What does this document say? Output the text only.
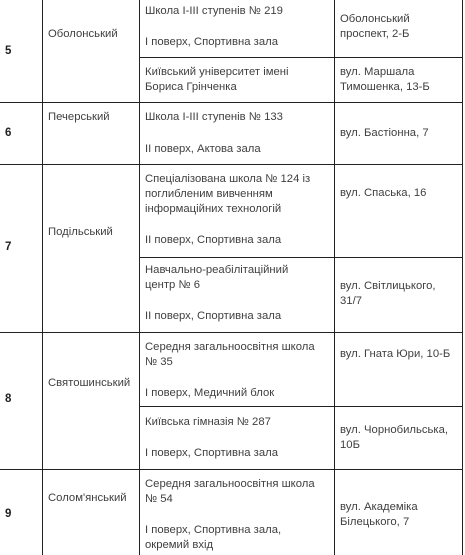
5
Оболонський
Школа І-ІІІ ступенів № 219
І поверх, Спортивна зала
Оболонський
проспект, 2-Б
Київський університет імені
Бориса Грінченка
вул. Маршала
Тимошенка, 13-Б
6
Печерський	Школа І-ІІІ ступенів № 133
ІІ поверх, Актова зала
вул. Бастіонна, 7
7
Подільський
Спеціалізована школа № 124 із
поглибленим вивченням
інформаційних технологій
ІІ поверх, Спортивна зала
вул. Спаська, 16
Навчально-реабілітаційний
центр № 6
ІІ поверх, Спортивна зала
вул. Світлицького,
31/7
8
Святошинський
Середня загальноосвітня школа
№ 35
І поверх, Медичний блок
вул. Гната Юри, 10-Б
Київська гімназія № 287
І поверх, Спортивна зала
вул. Чорнобильська,
10Б
9
Солом'янський
Середня загальноосвітня школа
№ 54
І поверх, Спортивна зала,
окремий вхід
вул. Академіка
Білецького, 7
